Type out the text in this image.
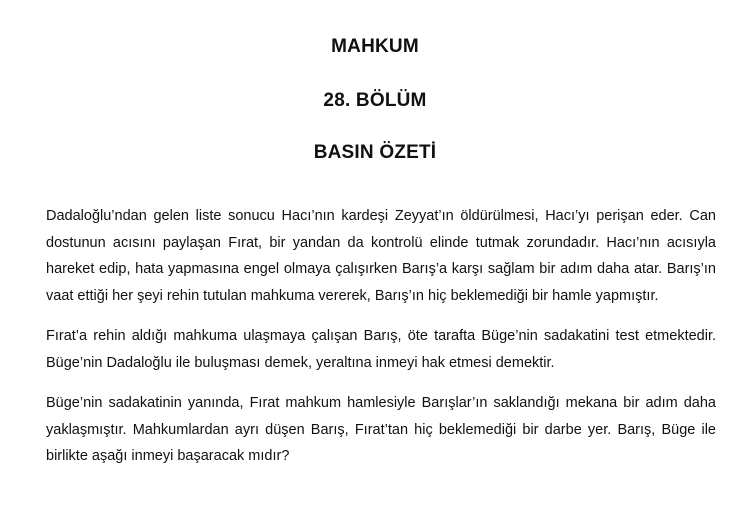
MAHKUM
28. BÖLÜM
BASIN ÖZETİ

Dadaloğlu’ndan gelen liste sonucu Hacı’nın kardeşi Zeyyat’ın öldürülmesi, Hacı’yı perişan eder. Can dostunun acısını paylaşan Fırat, bir yandan da kontrolü elinde tutmak zorundadır. Hacı’nın acısıyla hareket edip, hata yapmasına engel olmaya çalışırken Barış’a karşı sağlam bir adım daha atar. Barış’ın vaat ettiği her şeyi rehin tutulan mahkuma vererek, Barış’ın hiç beklemediği bir hamle yapmıştır.

Fırat’a rehin aldığı mahkuma ulaşmaya çalışan Barış, öte tarafta Büge’nin sadakatini test etmektedir. Büge’nin Dadaloğlu ile buluşması demek, yeraltına inmeyi hak etmesi demektir.

Büge’nin sadakatinin yanında, Fırat mahkum hamlesiyle Barışlar’ın saklandığı mekana bir adım daha yaklaşmıştır. Mahkumlardan ayrı düşen Barış, Fırat’tan hiç beklemediği bir darbe yer. Barış, Büge ile birlikte aşağı inmeyi başaracak mıdır?
